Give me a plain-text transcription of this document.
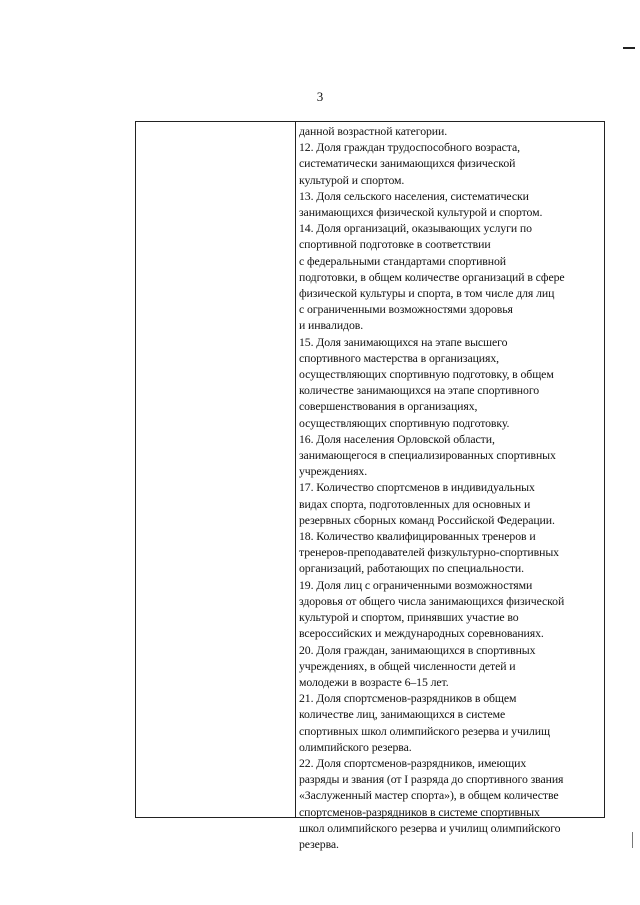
3
данной возрастной категории.
12. Доля граждан трудоспособного возраста,
систематически занимающихся физической
культурой и спортом.
13. Доля сельского населения, систематически
занимающихся физической культурой и спортом.
14. Доля организаций, оказывающих услуги по
спортивной подготовке в соответствии
с федеральными стандартами спортивной
подготовки, в общем количестве организаций в сфере
физической культуры и спорта, в том числе для лиц
с ограниченными возможностями здоровья
и инвалидов.
15. Доля занимающихся на этапе высшего
спортивного мастерства в организациях,
осуществляющих спортивную подготовку, в общем
количестве занимающихся на этапе спортивного
совершенствования в организациях,
осуществляющих спортивную подготовку.
16. Доля населения Орловской области,
занимающегося в специализированных спортивных
учреждениях.
17. Количество спортсменов в индивидуальных
видах спорта, подготовленных для основных и
резервных сборных команд Российской Федерации.
18. Количество квалифицированных тренеров и
тренеров-преподавателей физкультурно-спортивных
организаций, работающих по специальности.
19. Доля лиц с ограниченными возможностями
здоровья от общего числа занимающихся физической
культурой и спортом, принявших участие во
всероссийских и международных соревнованиях.
20. Доля граждан, занимающихся в спортивных
учреждениях, в общей численности детей и
молодежи в возрасте 6–15 лет.
21. Доля спортсменов-разрядников в общем
количестве лиц, занимающихся в системе
спортивных школ олимпийского резерва и училищ
олимпийского резерва.
22. Доля спортсменов-разрядников, имеющих
разряды и звания (от I разряда до спортивного звания
«Заслуженный мастер спорта»), в общем количестве
спортсменов-разрядников в системе спортивных
школ олимпийского резерва и училищ олимпийского
резерва.
